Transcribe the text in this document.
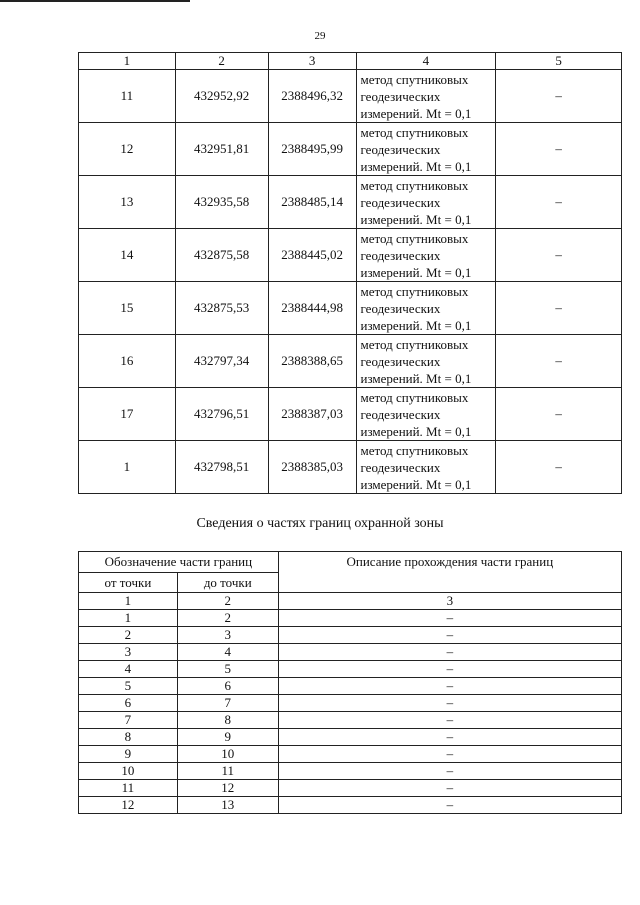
29
1	2	3	4	5
11	432952,92	2388496,32	метод спутниковых геодезических измерений. Mt = 0,1	–
12	432951,81	2388495,99	метод спутниковых геодезических измерений. Mt = 0,1	–
13	432935,58	2388485,14	метод спутниковых геодезических измерений. Mt = 0,1	–
14	432875,58	2388445,02	метод спутниковых геодезических измерений. Mt = 0,1	–
15	432875,53	2388444,98	метод спутниковых геодезических измерений. Mt = 0,1	–
16	432797,34	2388388,65	метод спутниковых геодезических измерений. Mt = 0,1	–
17	432796,51	2388387,03	метод спутниковых геодезических измерений. Mt = 0,1	–
1	432798,51	2388385,03	метод спутниковых геодезических измерений. Mt = 0,1	–
Сведения о частях границ охранной зоны
Обозначение части границ		Описание прохождения части границ
от точки	до точки	
1	2	3
1	2	–
2	3	–
3	4	–
4	5	–
5	6	–
6	7	–
7	8	–
8	9	–
9	10	–
10	11	–
11	12	–
12	13	–
